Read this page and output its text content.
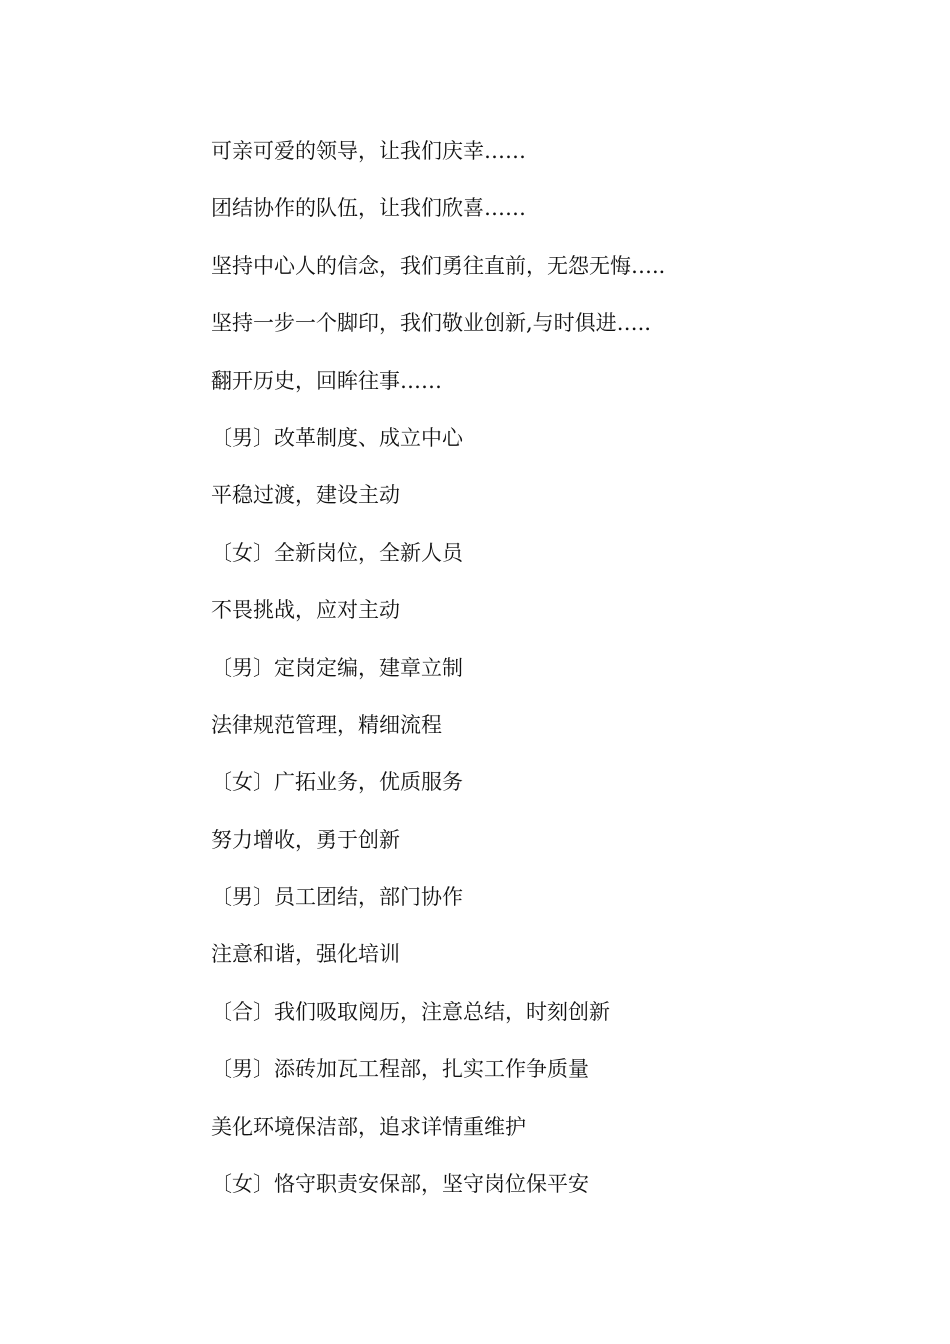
可亲可爱的领导，让我们庆幸……
团结协作的队伍，让我们欣喜……
坚持中心人的信念，我们勇往直前，无怨无悔….．
坚持一步一个脚印，我们敬业创新,与时俱进….．
翻开历史，回眸往事……
〔男〕改革制度、成立中心
平稳过渡，建设主动
〔女〕全新岗位，全新人员
不畏挑战，应对主动
〔男〕定岗定编，建章立制
法律规范管理，精细流程
〔女〕广拓业务，优质服务
努力增收，勇于创新
〔男〕员工团结，部门协作
注意和谐，强化培训
〔合〕我们吸取阅历，注意总结，时刻创新
〔男〕添砖加瓦工程部，扎实工作争质量
美化环境保洁部，追求详情重维护
〔女〕恪守职责安保部，坚守岗位保平安
